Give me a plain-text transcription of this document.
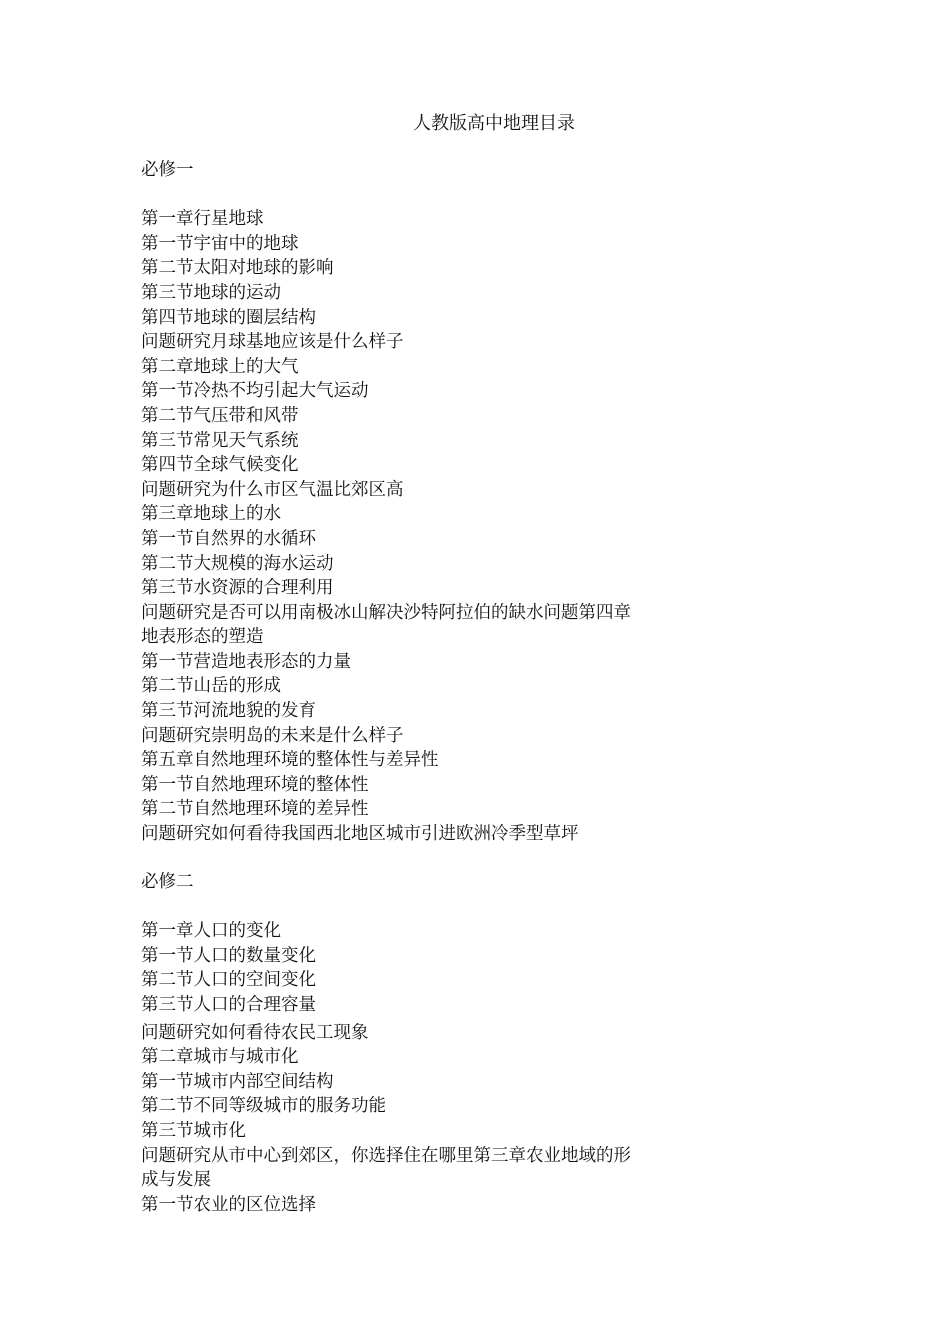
人教版高中地理目录
必修一
第一章行星地球
第一节宇宙中的地球
第二节太阳对地球的影响
第三节地球的运动
第四节地球的圈层结构
问题研究月球基地应该是什么样子
第二章地球上的大气
第一节冷热不均引起大气运动
第二节气压带和风带
第三节常见天气系统
第四节全球气候变化
问题研究为什么市区气温比郊区高
第三章地球上的水
第一节自然界的水循环
第二节大规模的海水运动
第三节水资源的合理利用
问题研究是否可以用南极冰山解决沙特阿拉伯的缺水问题第四章地表形态的塑造
第一节营造地表形态的力量
第二节山岳的形成
第三节河流地貌的发育
问题研究崇明岛的未来是什么样子
第五章自然地理环境的整体性与差异性
第一节自然地理环境的整体性
第二节自然地理环境的差异性
问题研究如何看待我国西北地区城市引进欧洲冷季型草坪
必修二
第一章人口的变化
第一节人口的数量变化
第二节人口的空间变化
第三节人口的合理容量
问题研究如何看待农民工现象
第二章城市与城市化
第一节城市内部空间结构
第二节不同等级城市的服务功能
第三节城市化
问题研究从市中心到郊区，你选择住在哪里第三章农业地域的形成与发展
第一节农业的区位选择
